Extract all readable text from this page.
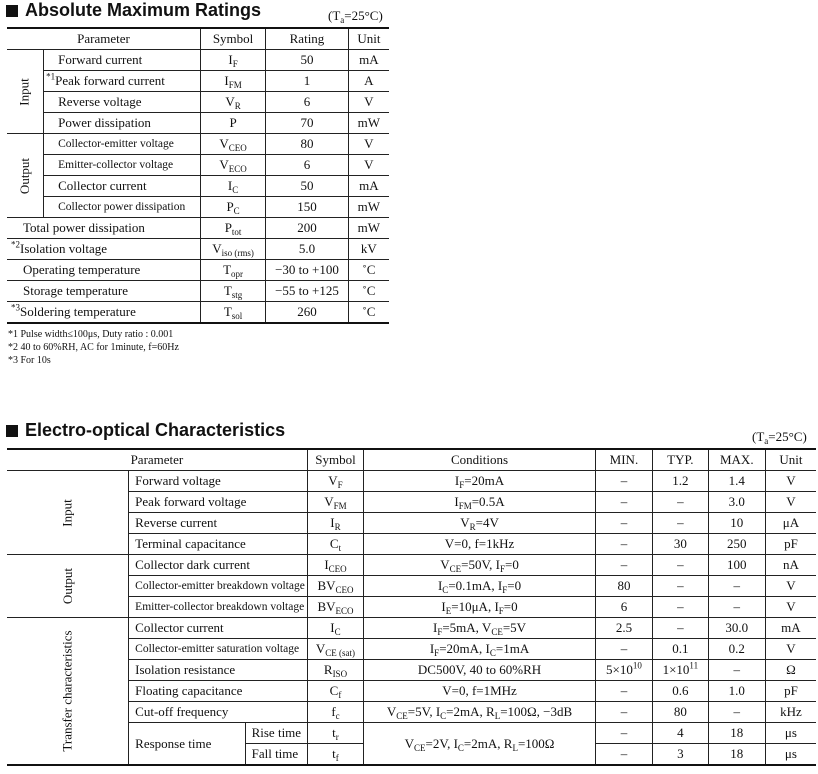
Absolute Maximum Ratings	$(T_a=25^\circ C)$
Parameter		Symbol	Rating	Unit
Input	Forward current	$I_F$	50	mA
	$^{*1}$Peak forward current	$I_{FM}$	1	A
	Reverse voltage	$V_R$	6	V
	Power dissipation	P	70	mW
Output	Collector-emitter voltage	$V_{CEO}$	80	V
	Emitter-collector voltage	$V_{ECO}$	6	V
	Collector current	$I_C$	50	mA
	Collector power dissipation	$P_C$	150	mW
Total power dissipation		$P_{tot}$	200	mW
$^{*2}$Isolation voltage		$V_{iso (rms)}$	5.0	kV
Operating temperature		$T_{opr}$	−30 to +100	˚C
Storage temperature		$T_{stg}$	−55 to +125	˚C
$^{*3}$Soldering temperature		$T_{sol}$	260	˚C
*1 Pulse width≤100μs, Duty ratio : 0.001
*2 40 to 60%RH, AC for 1minute, f=60Hz
*3 For 10s
Electro-optical Characteristics	$(T_a=25^\circ C)$
Parameter			Symbol	Conditions	MIN.	TYP.	MAX.	Unit
Input	Forward voltage		$V_F$	$I_F=20mA$	–	1.2	1.4	V
	Peak forward voltage		$V_{FM}$	$I_{FM}=0.5A$	–	–	3.0	V
	Reverse current		$I_R$	$V_R=4V$	–	–	10	μA
	Terminal capacitance		$C_t$	V=0, f=1kHz	–	30	250	pF
Output	Collector dark current		$I_{CEO}$	$V_{CE}=50V$, $I_F=0$	–	–	100	nA
	Collector-emitter breakdown voltage		$BV_{CEO}$	$I_C=0.1mA$, $I_F=0$	80	–	–	V
	Emitter-collector breakdown voltage		$BV_{ECO}$	$I_E=10\mu A$, $I_F=0$	6	–	–	V
Transfer characteristics	Collector current		$I_C$	$I_F=5mA$, $V_{CE}=5V$	2.5	–	30.0	mA
	Collector-emitter saturation voltage		$V_{CE (sat)}$	$I_F=20mA$, $I_C=1mA$	–	0.1	0.2	V
	Isolation resistance		$R_{ISO}$	DC500V, 40 to 60%RH	$5\times 10^{10}$	$1\times 10^{11}$	–	Ω
	Floating capacitance		$C_f$	V=0, f=1MHz	–	0.6	1.0	pF
	Cut-off frequency		$f_c$	$V_{CE}=5V$, $I_C=2mA$, $R_L=100\Omega$, −3dB	–	80	–	kHz
	Response time	Rise time	$t_r$	$V_{CE}=2V$, $I_C=2mA$, $R_L=100\Omega$	–	4	18	μs
		Fall time	$t_f$		–	3	18	μs
